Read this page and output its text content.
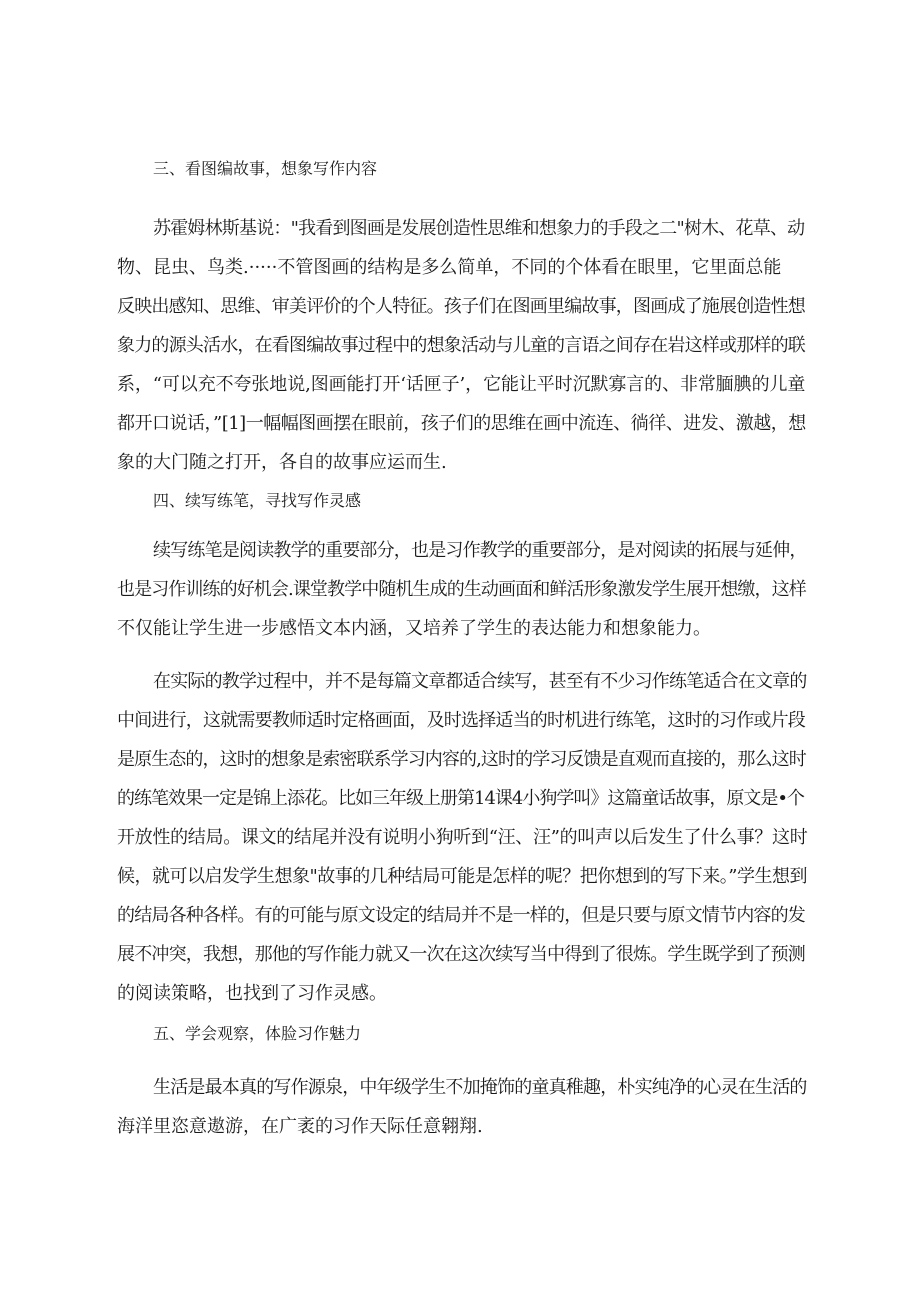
三、看图编故事，想象写作内容

苏霍姆林斯基说："我看到图画是发展创造性思维和想象力的手段之二"树木、花草、动
物、昆虫、鸟类.·····不管图画的结构是多么简单，不同的个体看在眼里，它里面总能
反映出感知、思维、审美评价的个人特征。孩子们在图画里编故事，图画成了施展创造性想
象力的源头活水，在看图编故事过程中的想象活动与儿童的言语之间存在岩这样或那样的联
系，“可以充不夸张地说,图画能打开‘话匣子’，它能让平时沉默寡言的、非常腼腆的儿童
都开口说话，”[1]一幅幅图画摆在眼前，孩子们的思维在画中流连、徜徉、进发、激越，想
象的大门随之打开，各自的故事应运而生.

四、续写练笔，寻找写作灵感

续写练笔是阅读教学的重要部分，也是习作教学的重要部分，是对阅读的拓展与延伸，
也是习作训练的好机会.课堂教学中随机生成的生动画面和鲜活形象激发学生展开想缴，这样
不仅能让学生进一步感悟文本内涵，又培养了学生的表达能力和想象能力。

在实际的教学过程中，并不是每篇文章都适合续写，甚至有不少习作练笔适合在文章的
中间进行，这就需要教师适时定格画面，及时选择适当的时机进行练笔，这时的习作或片段
是原生态的，这时的想象是索密联系学习内容的,这时的学习反馈是直观而直接的，那么这时
的练笔效果一定是锦上添花。比如三年级上册第14课4小狗学叫》这篇童话故事，原文是•个
开放性的结局。课文的结尾并没有说明小狗听到“汪、汪”的叫声以后发生了什么事？这时
候，就可以启发学生想象"故事的几种结局可能是怎样的呢？把你想到的写下来。”学生想到
的结局各种各样。有的可能与原文设定的结局并不是一样的，但是只要与原文情节内容的发
展不冲突，我想，那他的写作能力就又一次在这次续写当中得到了很炼。学生既学到了预测
的阅读策略，也找到了习作灵感。

五、学会观察，体脸习作魅力

生活是最本真的写作源泉，中年级学生不加掩饰的童真稚趣，朴实纯净的心灵在生活的
海洋里恣意遨游，在广袤的习作天际任意翱翔.
